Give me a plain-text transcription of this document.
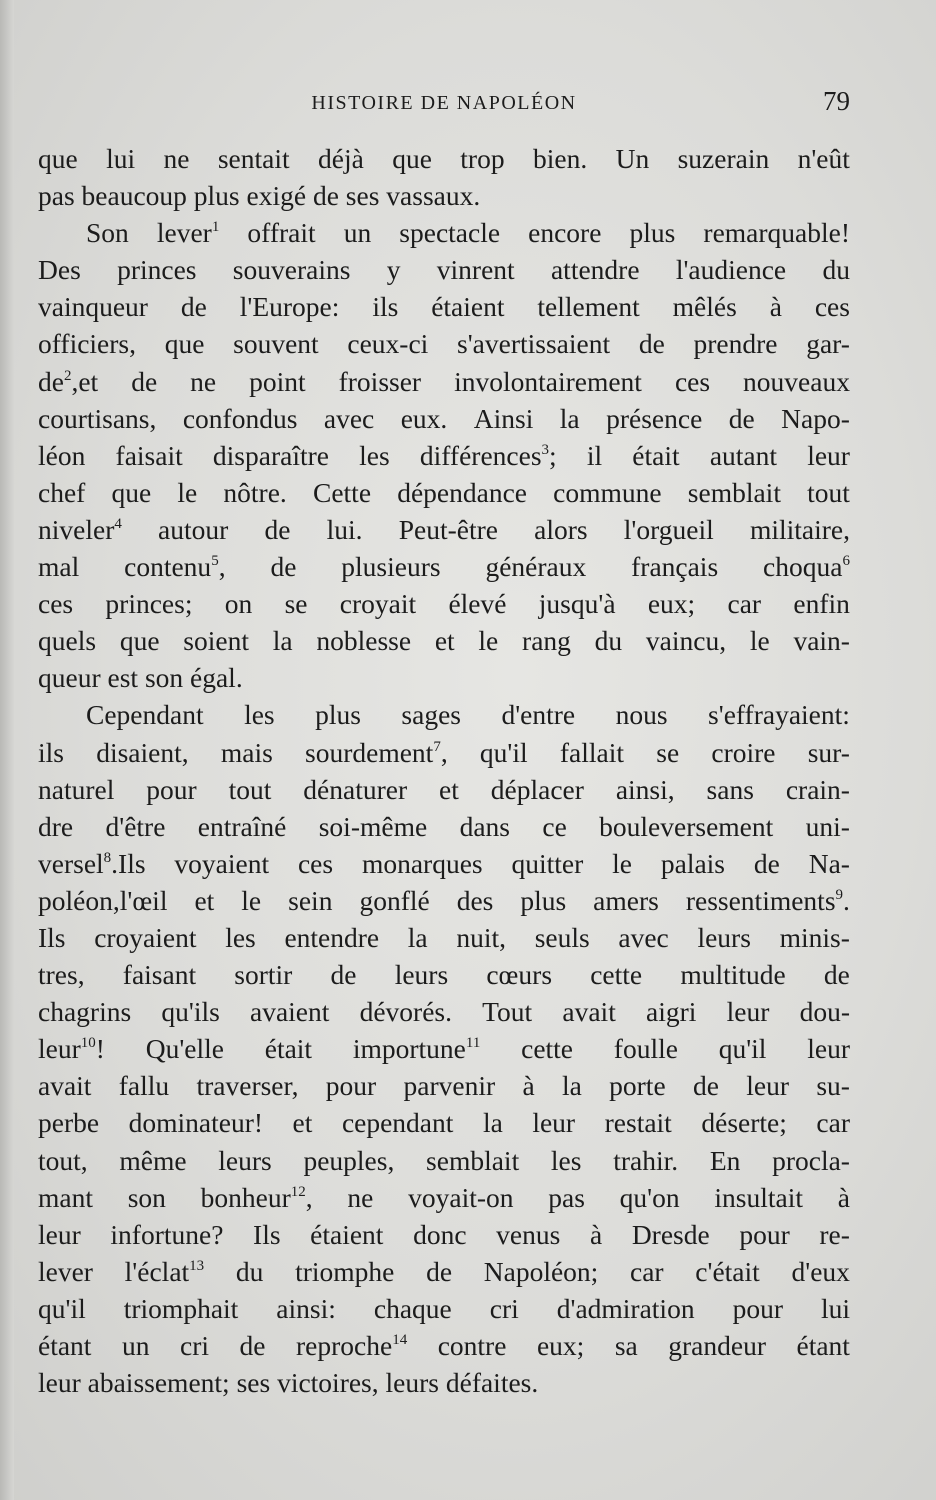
HISTOIRE DE NAPOLÉON	79
que lui ne sentait déjà que trop bien. Un suzerain n'eût
pas beaucoup plus exigé de ses vassaux.
Son lever$^1$ offrait un spectacle encore plus remarquable!
Des princes souverains y vinrent attendre l'audience du
vainqueur de l'Europe: ils étaient tellement mêlés à ces
officiers, que souvent ceux-ci s'avertissaient de prendre gar-
$de^2,et$ de ne point froisser involontairement ces nouveaux
courtisans, confondus avec eux. Ainsi la présence de Napo-
léon faisait disparaître les différences$^3$; il était autant leur
chef que le nôtre. Cette dépendance commune semblait tout
niveler$^4$ autour de lui. Peut-être alors l'orgueil militaire,
mal contenu$^5$, de plusieurs généraux français choqua$^6$
ces princes; on se croyait élevé jusqu'à eux; car enfin
quels que soient la noblesse et le rang du vaincu, le vain-
queur est son égal.
Cependant les plus sages d'entre nous s'effrayaient:
ils disaient, mais sourdement$^7$, qu'il fallait se croire sur-
naturel pour tout dénaturer et déplacer ainsi, sans crain-
dre d'être entraîné soi-même dans ce bouleversement uni-
versel$^8$.Ils voyaient ces monarques quitter le palais de Na-
poléon,l'œil et le sein gonflé des plus amers ressentiments$^9$.
Ils croyaient les entendre la nuit, seuls avec leurs minis-
tres, faisant sortir de leurs cœurs cette multitude de
chagrins qu'ils avaient dévorés. Tout avait aigri leur dou-
leur$^{10}$! Qu'elle était importune$^{11}$ cette foulle qu'il leur
avait fallu traverser, pour parvenir à la porte de leur su-
perbe dominateur! et cependant la leur restait déserte; car
tout, même leurs peuples, semblait les trahir. En procla-
mant son bonheur$^{12}$, ne voyait-on pas qu'on insultait à
leur infortune? Ils étaient donc venus à Dresde pour re-
lever l'éclat$^{13}$ du triomphe de Napoléon; car c'était d'eux
qu'il triomphait ainsi: chaque cri d'admiration pour lui
étant un cri de reproche$^{14}$ contre eux; sa grandeur étant
leur abaissement; ses victoires, leurs défaites.
